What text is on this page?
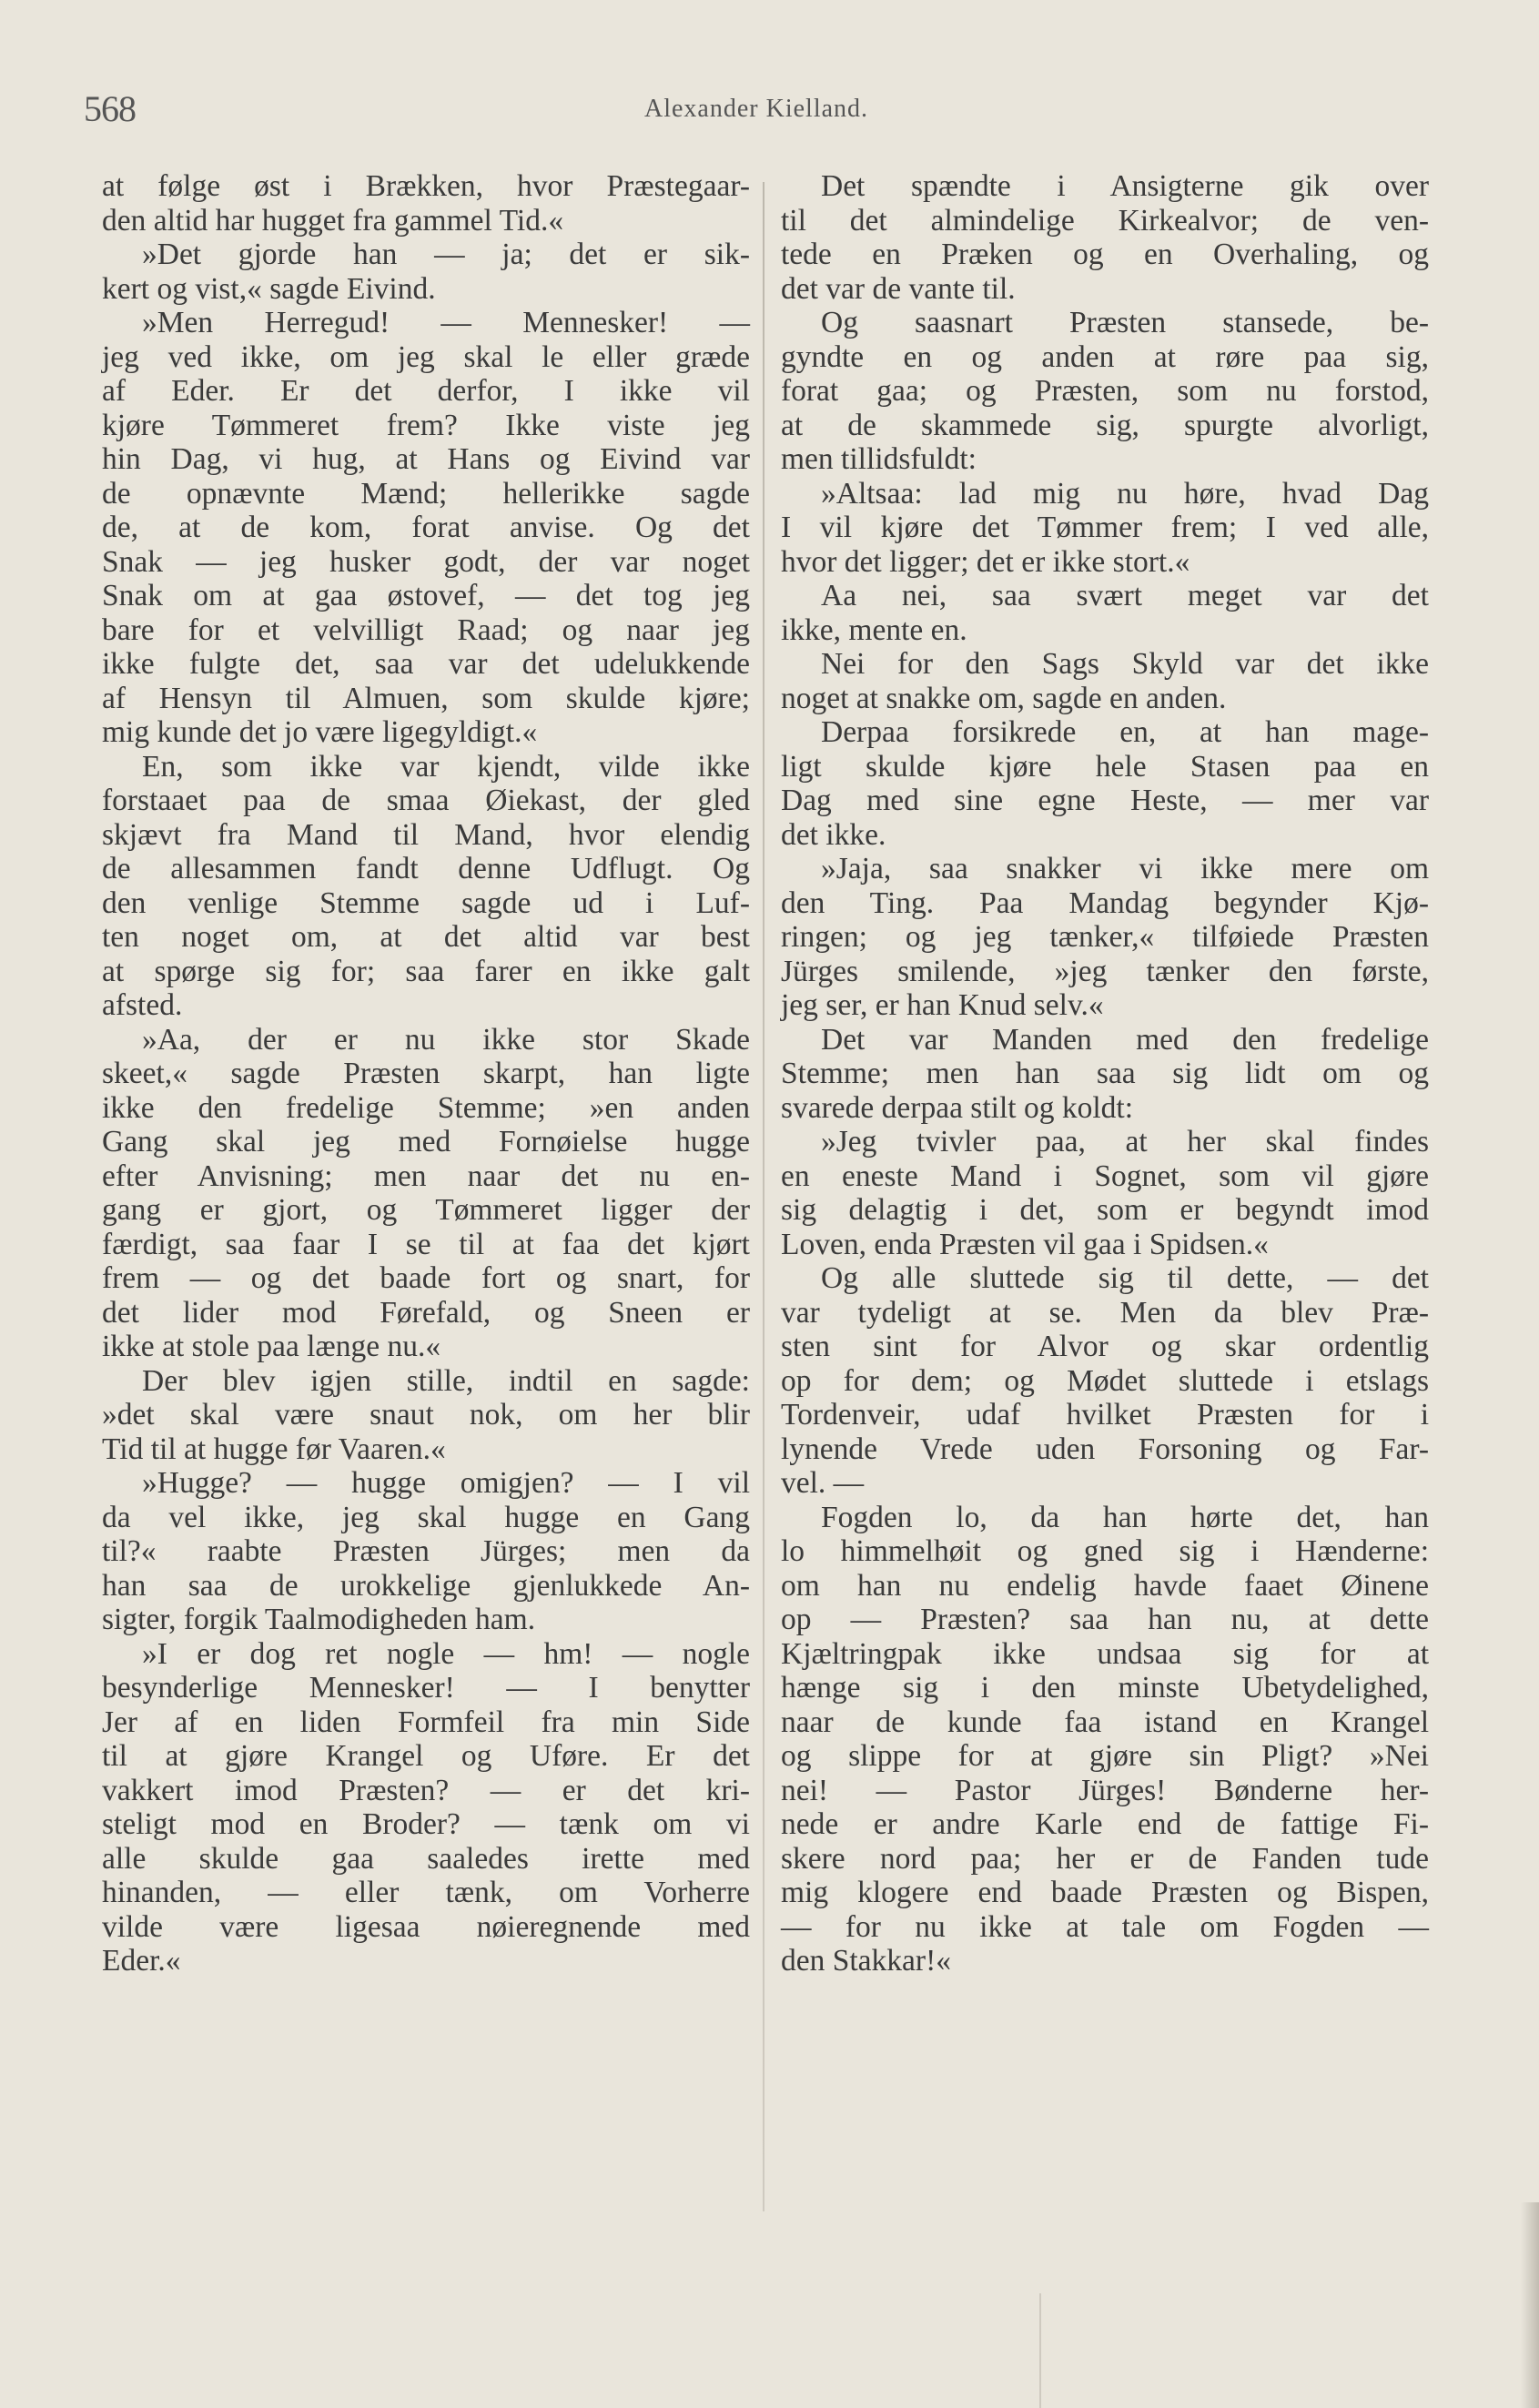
568	Alexander Kielland.
at følge øst i Brækken, hvor Præstegaar-
den altid har hugget fra gammel Tid.«
»Det gjorde han — ja; det er sik-
kert og vist,« sagde Eivind.
»Men Herregud! — Mennesker! —
jeg ved ikke, om jeg skal le eller græde
af Eder. Er det derfor, I ikke vil
kjøre Tømmeret frem? Ikke viste jeg
hin Dag, vi hug, at Hans og Eivind var
de opnævnte Mænd; hellerikke sagde
de, at de kom, forat anvise. Og det
Snak — jeg husker godt, der var noget
Snak om at gaa østovef, — det tog jeg
bare for et velvilligt Raad; og naar jeg
ikke fulgte det, saa var det udelukkende
af Hensyn til Almuen, som skulde kjøre;
mig kunde det jo være ligegyldigt.«
En, som ikke var kjendt, vilde ikke
forstaaet paa de smaa Øiekast, der gled
skjævt fra Mand til Mand, hvor elendig
de allesammen fandt denne Udflugt. Og
den venlige Stemme sagde ud i Luf-
ten noget om, at det altid var best
at spørge sig for; saa farer en ikke galt
afsted.
»Aa, der er nu ikke stor Skade
skeet,« sagde Præsten skarpt, han ligte
ikke den fredelige Stemme; »en anden
Gang skal jeg med Fornøielse hugge
efter Anvisning; men naar det nu en-
gang er gjort, og Tømmeret ligger der
færdigt, saa faar I se til at faa det kjørt
frem — og det baade fort og snart, for
det lider mod Førefald, og Sneen er
ikke at stole paa længe nu.«
Der blev igjen stille, indtil en sagde:
»det skal være snaut nok, om her blir
Tid til at hugge før Vaaren.«
»Hugge? — hugge omigjen? — I vil
da vel ikke, jeg skal hugge en Gang
til?« raabte Præsten Jürges; men da
han saa de urokkelige gjenlukkede An-
sigter, forgik Taalmodigheden ham.
»I er dog ret nogle — hm! — nogle
besynderlige Mennesker! — I benytter
Jer af en liden Formfeil fra min Side
til at gjøre Krangel og Uføre. Er det
vakkert imod Præsten? — er det kri-
steligt mod en Broder? — tænk om vi
alle skulde gaa saaledes irette med
hinanden, — eller tænk, om Vorherre
vilde være ligesaa nøieregnende med
Eder.«
Det spændte i Ansigterne gik over
til det almindelige Kirkealvor; de ven-
tede en Præken og en Overhaling, og
det var de vante til.
Og saasnart Præsten stansede, be-
gyndte en og anden at røre paa sig,
forat gaa; og Præsten, som nu forstod,
at de skammede sig, spurgte alvorligt,
men tillidsfuldt:
»Altsaa: lad mig nu høre, hvad Dag
I vil kjøre det Tømmer frem; I ved alle,
hvor det ligger; det er ikke stort.«
Aa nei, saa svært meget var det
ikke, mente en.
Nei for den Sags Skyld var det ikke
noget at snakke om, sagde en anden.
Derpaa forsikrede en, at han mage-
ligt skulde kjøre hele Stasen paa en
Dag med sine egne Heste, — mer var
det ikke.
»Jaja, saa snakker vi ikke mere om
den Ting. Paa Mandag begynder Kjø-
ringen; og jeg tænker,« tilføiede Præsten
Jürges smilende, »jeg tænker den første,
jeg ser, er han Knud selv.«
Det var Manden med den fredelige
Stemme; men han saa sig lidt om og
svarede derpaa stilt og koldt:
»Jeg tvivler paa, at her skal findes
en eneste Mand i Sognet, som vil gjøre
sig delagtig i det, som er begyndt imod
Loven, enda Præsten vil gaa i Spidsen.«
Og alle sluttede sig til dette, — det
var tydeligt at se. Men da blev Præ-
sten sint for Alvor og skar ordentlig
op for dem; og Mødet sluttede i etslags
Tordenveir, udaf hvilket Præsten for i
lynende Vrede uden Forsoning og Far-
vel. —
Fogden lo, da han hørte det, han
lo himmelhøit og gned sig i Hænderne:
om han nu endelig havde faaet Øinene
op — Præsten? saa han nu, at dette
Kjæltringpak ikke undsaa sig for at
hænge sig i den minste Ubetydelighed,
naar de kunde faa istand en Krangel
og slippe for at gjøre sin Pligt? »Nei
nei! — Pastor Jürges! Bønderne her-
nede er andre Karle end de fattige Fi-
skere nord paa; her er de Fanden tude
mig klogere end baade Præsten og Bispen,
— for nu ikke at tale om Fogden —
den Stakkar!«
